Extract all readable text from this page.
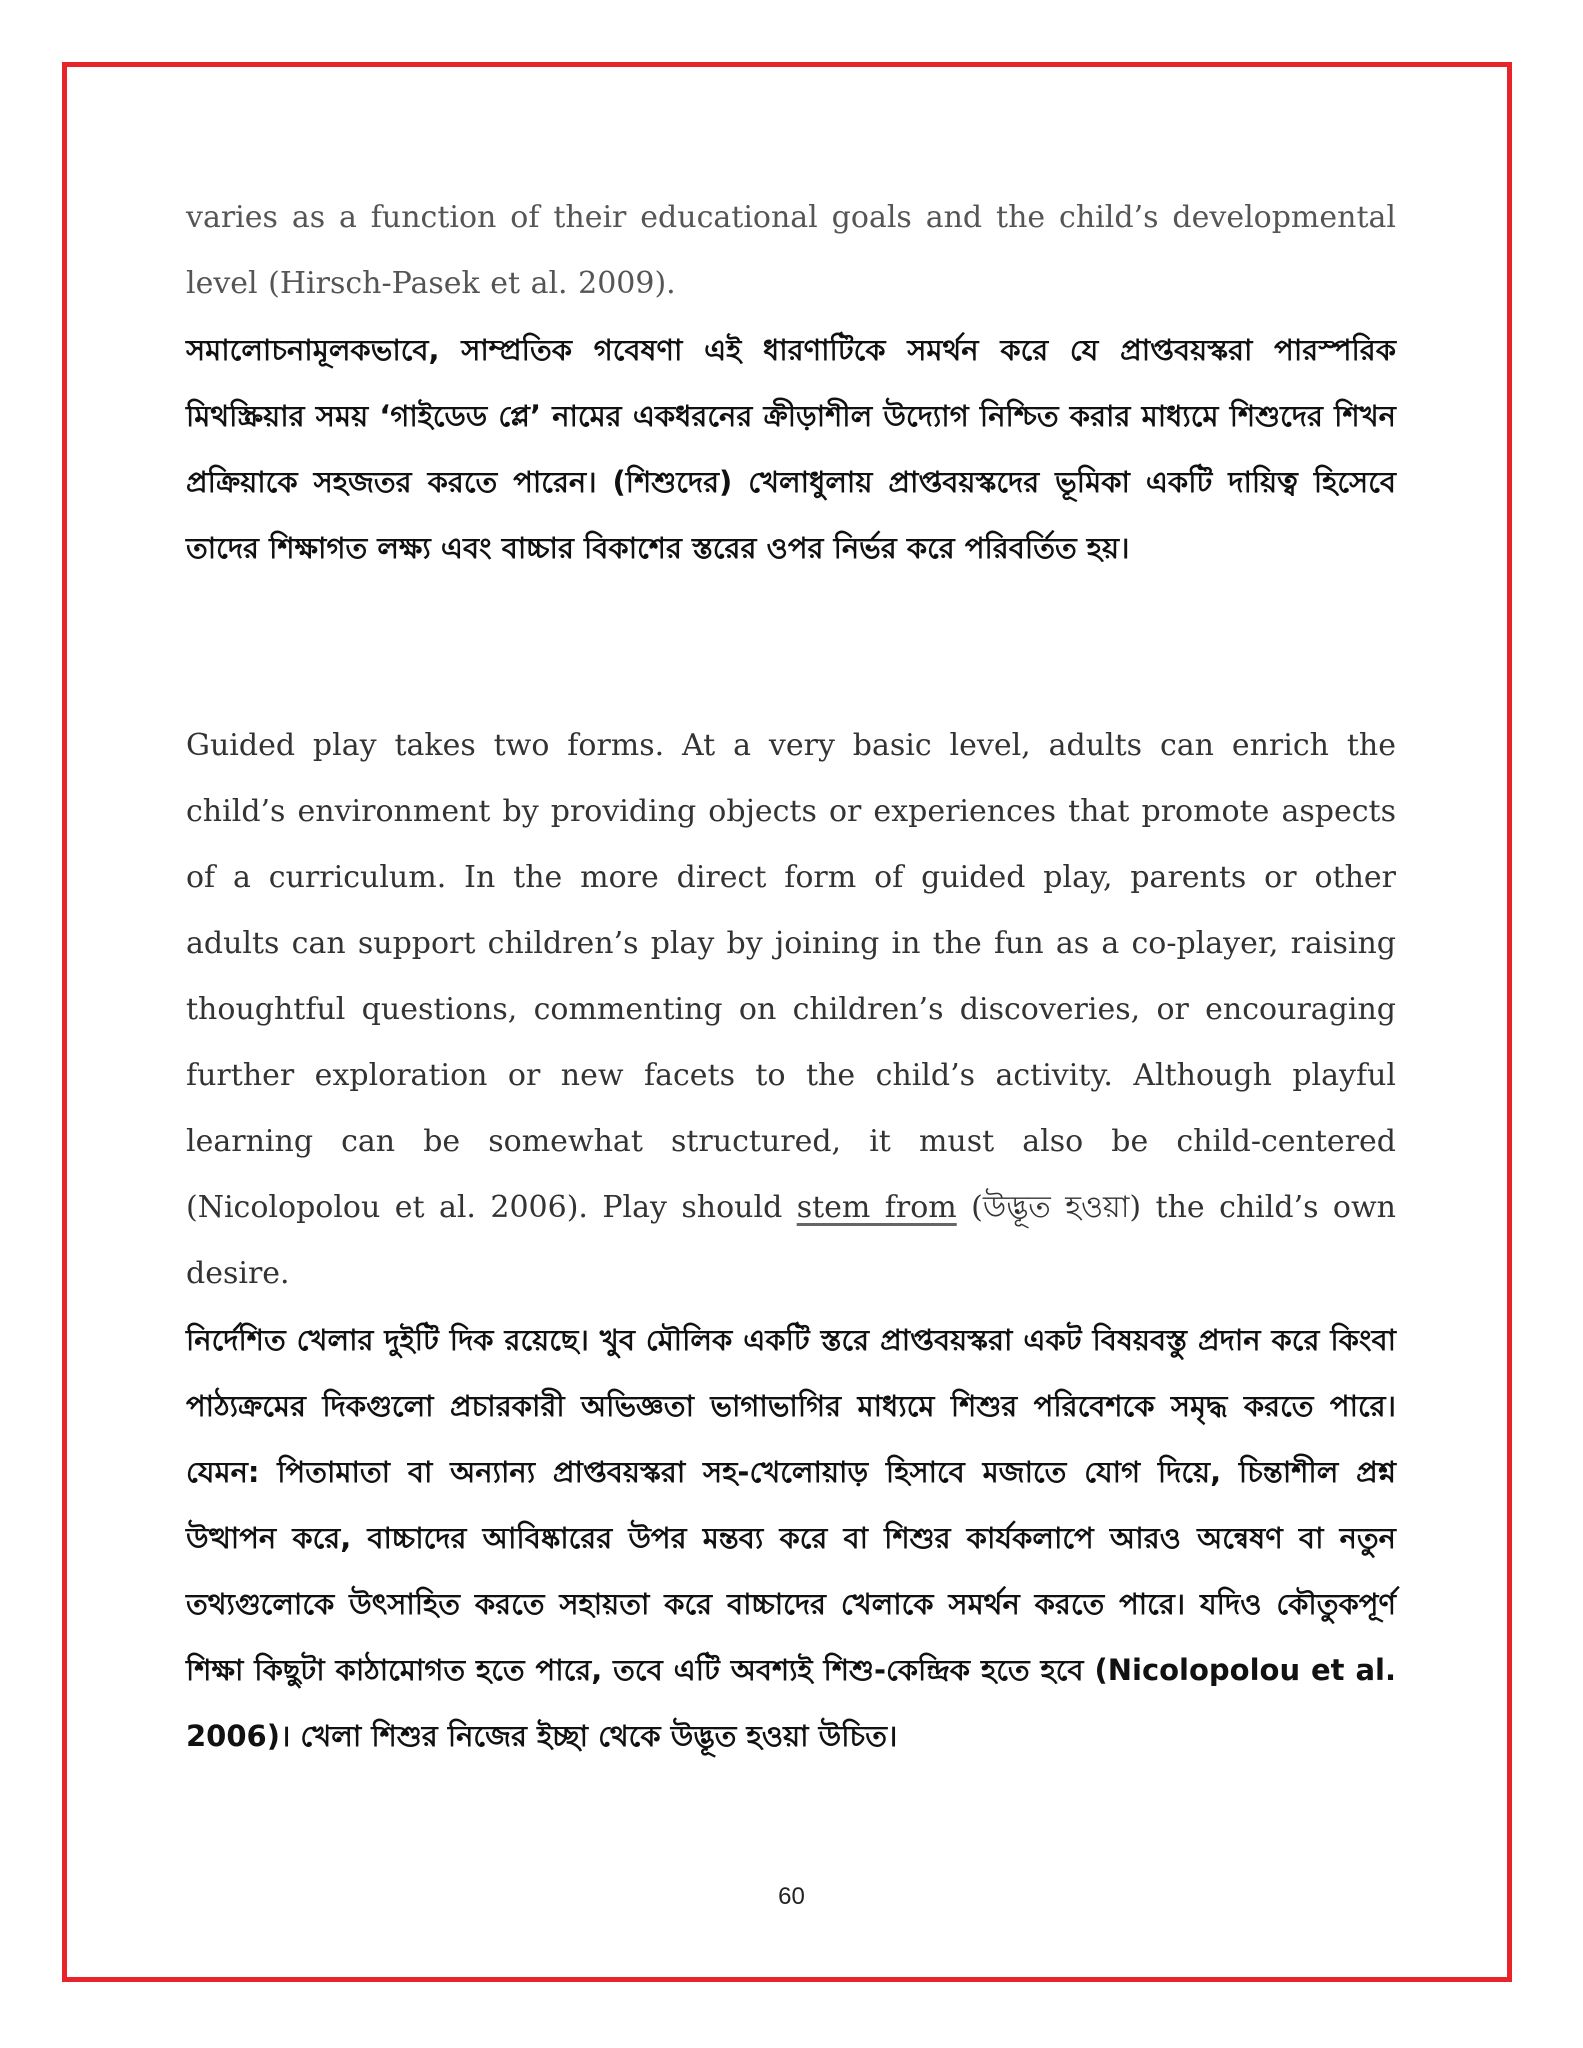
varies as a function of their educational goals and the child’s developmental level (Hirsch-Pasek et al. 2009).

সমালোচনামূলকভাবে, সাম্প্রতিক গবেষণা এই ধারণাটিকে সমর্থন করে যে প্রাপ্তবয়স্করা পারস্পরিক মিথস্ক্রিয়ার সময় ‘গাইডেড প্লে’ নামের একধরনের ক্রীড়াশীল উদ্যোগ নিশ্চিত করার মাধ্যমে শিশুদের শিখন প্রক্রিয়াকে সহজতর করতে পারেন। (শিশুদের) খেলাধুলায় প্রাপ্তবয়স্কদের ভূমিকা একটি দায়িত্ব হিসেবে তাদের শিক্ষাগত লক্ষ্য এবং বাচ্চার বিকাশের স্তরের ওপর নির্ভর করে পরিবর্তিত হয়।

Guided play takes two forms. At a very basic level, adults can enrich the child’s environment by providing objects or experiences that promote aspects of a curriculum. In the more direct form of guided play, parents or other adults can support children’s play by joining in the fun as a co-player, raising thoughtful questions, commenting on children’s discoveries, or encouraging further exploration or new facets to the child’s activity. Although playful learning can be somewhat structured, it must also be child-centered (Nicolopolou et al. 2006). Play should stem from (উদ্ভূত হওয়া) the child’s own desire.

নির্দেশিত খেলার দুইটি দিক রয়েছে। খুব মৌলিক একটি স্তরে প্রাপ্তবয়স্করা একট বিষয়বস্তু প্রদান করে কিংবা পাঠ্যক্রমের দিকগুলো প্রচারকারী অভিজ্ঞতা ভাগাভাগির মাধ্যমে শিশুর পরিবেশকে সমৃদ্ধ করতে পারে। যেমন: পিতামাতা বা অন্যান্য প্রাপ্তবয়স্করা সহ-খেলোয়াড় হিসাবে মজাতে যোগ দিয়ে, চিন্তাশীল প্রশ্ন উত্থাপন করে, বাচ্চাদের আবিষ্কারের উপর মন্তব্য করে বা শিশুর কার্যকলাপে আরও অন্বেষণ বা নতুন তথ্যগুলোকে উৎসাহিত করতে সহায়তা করে বাচ্চাদের খেলাকে সমর্থন করতে পারে। যদিও কৌতুকপূর্ণ শিক্ষা কিছুটা কাঠামোগত হতে পারে, তবে এটি অবশ্যই শিশু-কেন্দ্রিক হতে হবে (Nicolopolou et al. 2006)। খেলা শিশুর নিজের ইচ্ছা থেকে উদ্ভূত হওয়া উচিত।

60
